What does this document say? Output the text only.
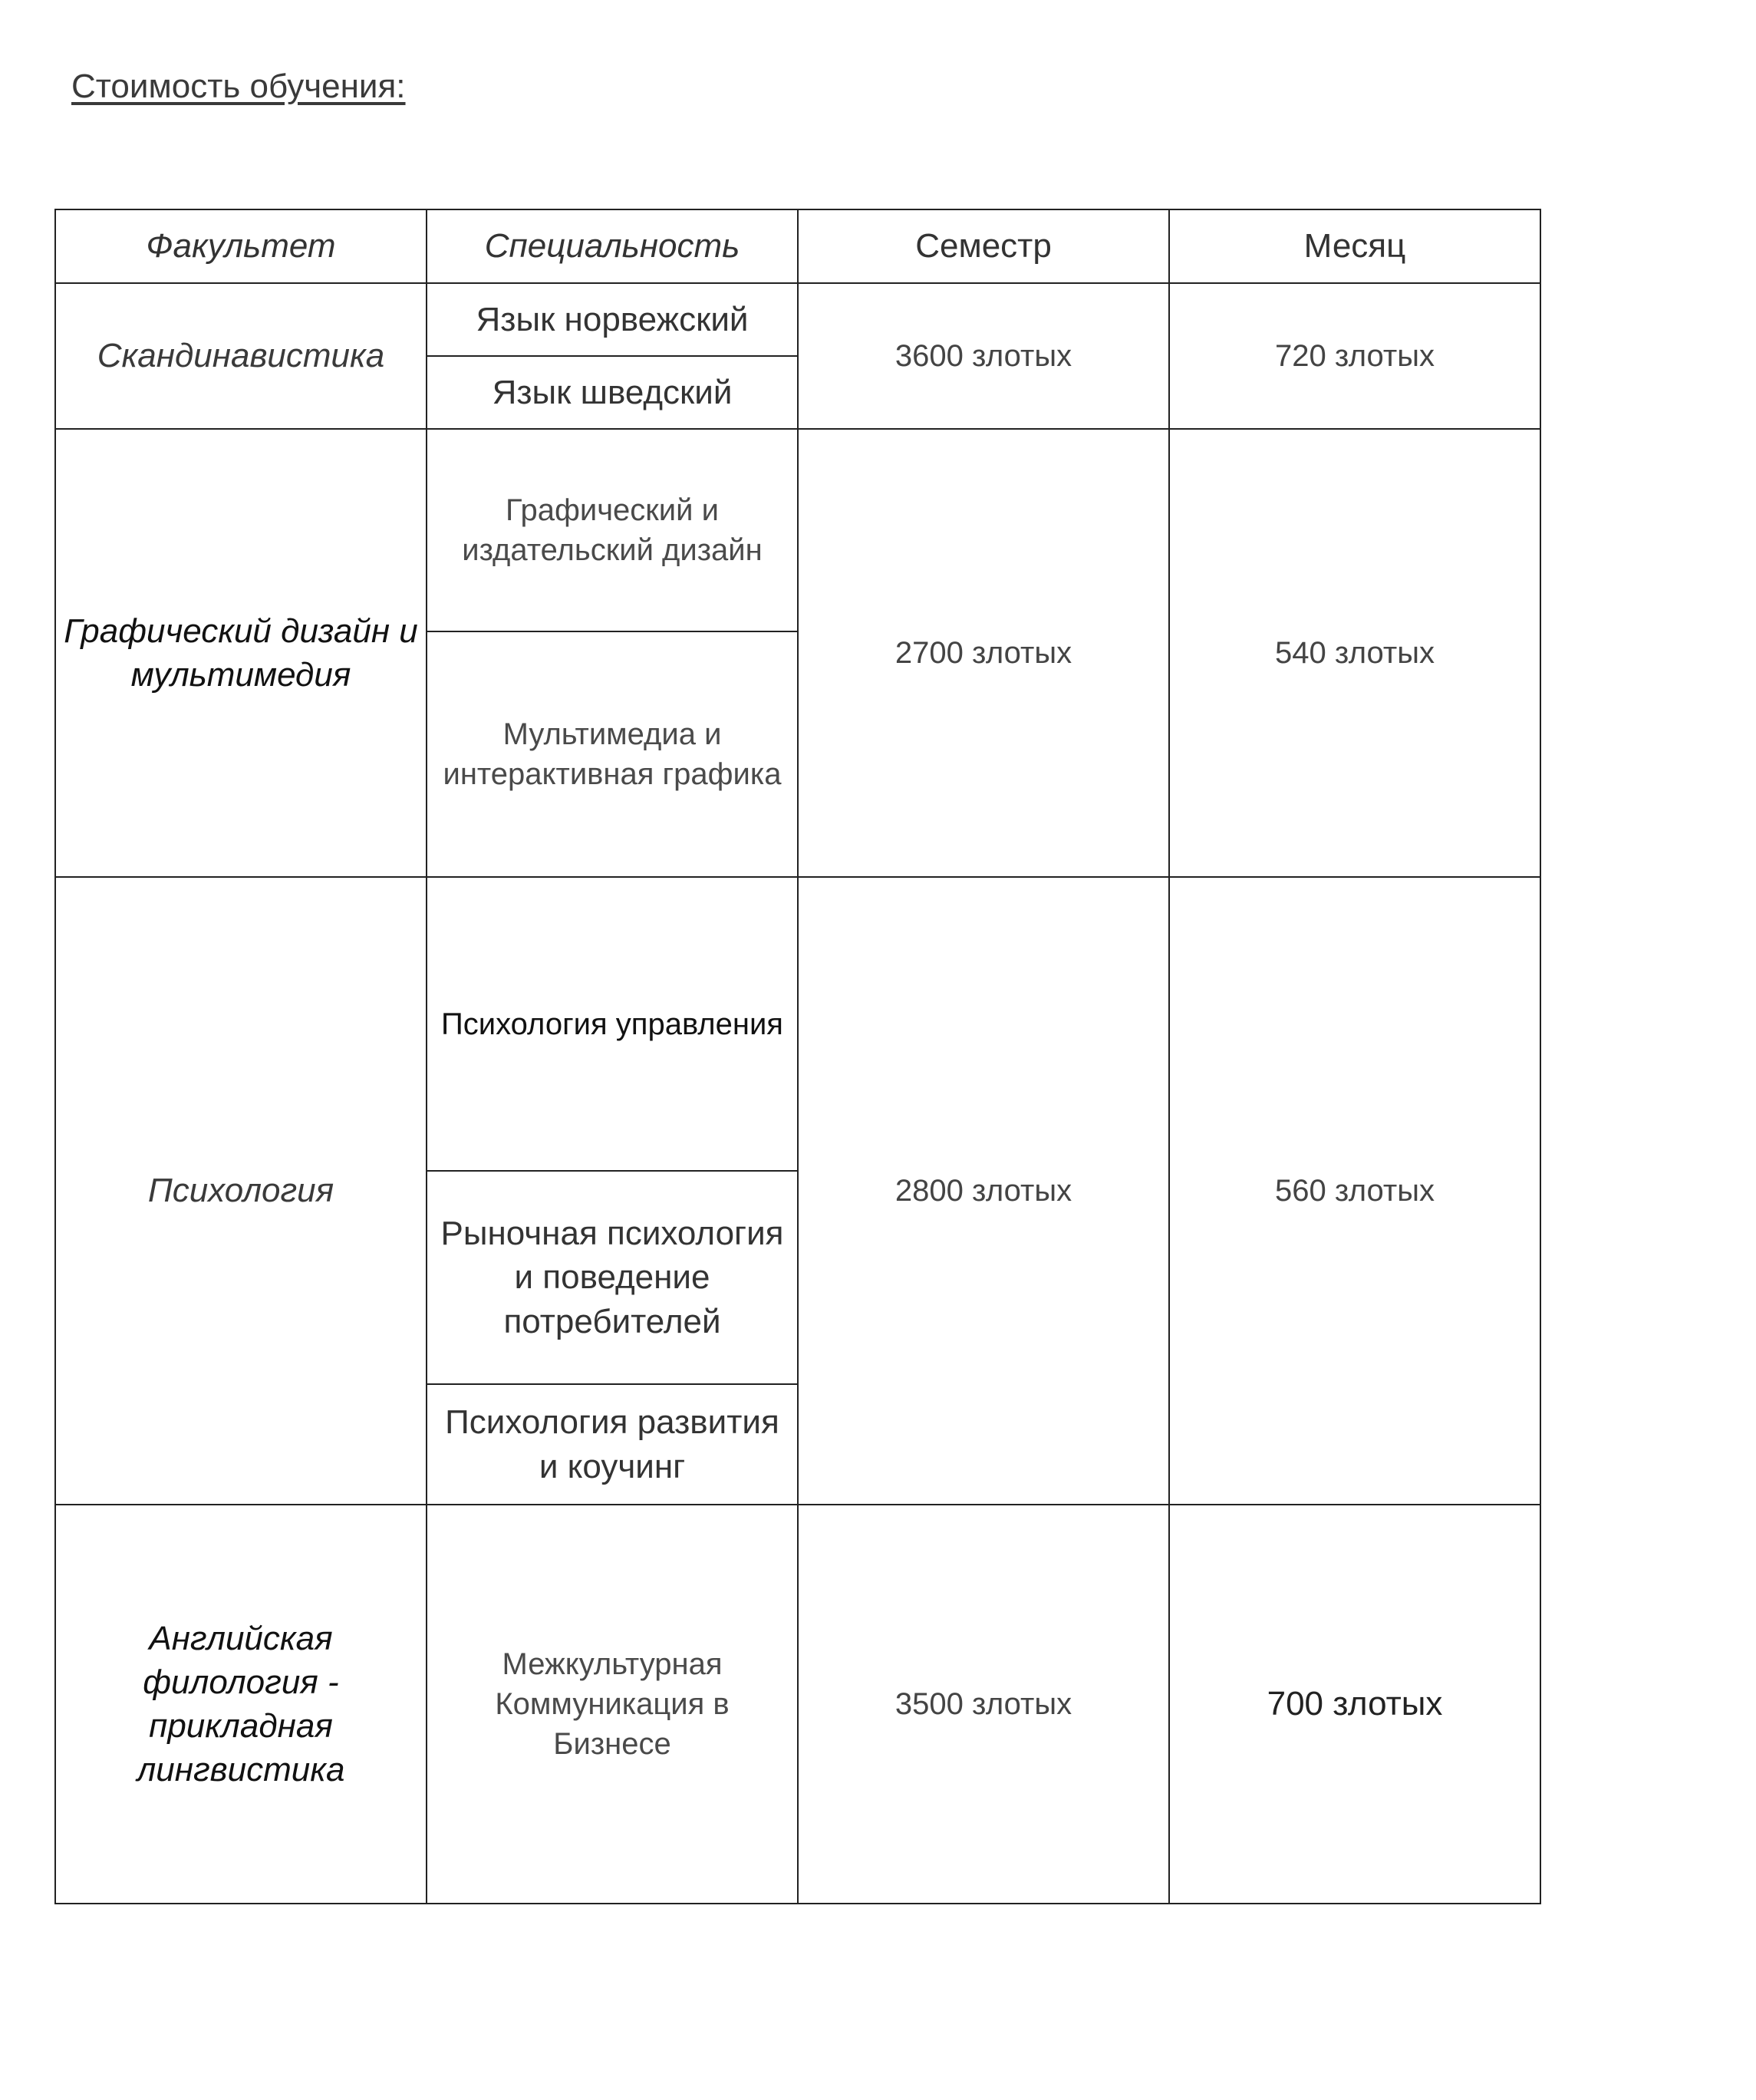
Стоимость обучения:
Факультет	Специальность	Семестр	Месяц
Скандинавистика	Язык норвежский	3600 злотых	720 злотых
	Язык шведский		
Графический дизайн и мультимедия	Графический и издательский дизайн	2700 злотых	540 злотых
	Мультимедиа и интерактивная графика		
Психология	Психология управления	2800 злотых	560 злотых
	Рыночная психология и поведение потребителей		
	Психология развития и коучинг		
Английская филология - прикладная лингвистика	Межкультурная Коммуникация в Бизнесе	3500 злотых	700 злотых
